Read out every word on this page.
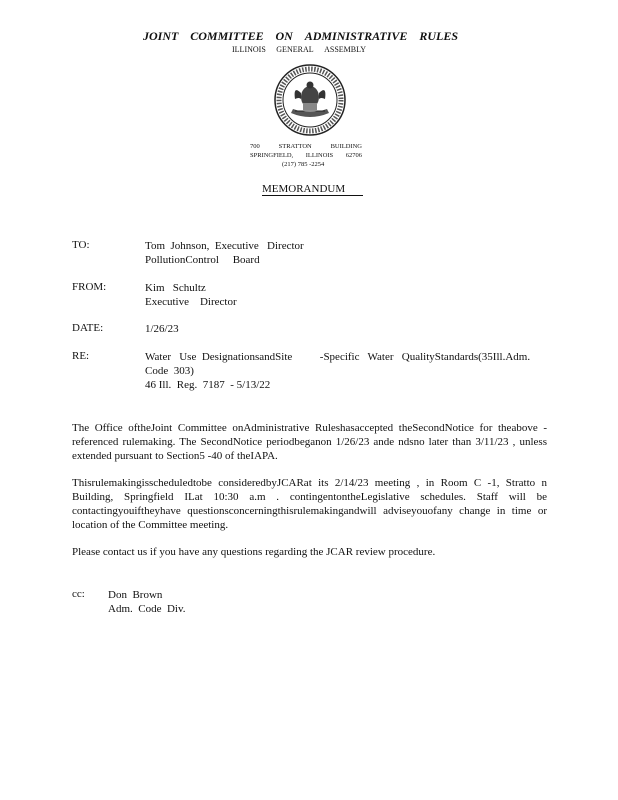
JOINT COMMITTEE ON ADMINISTRATIVE RULES
ILLINOIS GENERAL ASSEMBLY
700	STRATTON	BUILDING
SPRINGFIELD, ILLINOIS 62706
(217) 785 -2254
MEMORANDUM
TO:	Tom  Johnson,  Executive   Director
PollutionControl     Board
FROM:	Kim   Schultz
Executive    Director
DATE:	1/26/23
RE:	Water   Use  DesignationsandSite          -Specific   Water   QualityStandards(35Ill.Adm.
Code  303)
46 Ill.  Reg.  7187  - 5/13/22
The Office oftheJoint Committee onAdministrative Ruleshasaccepted theSecondNotice for theabove -referenced rulemaking. The SecondNotice periodbeganon 1/26/23 ande ndsno later than 3/11/23 , unless extended pursuant to Section5 -40 of theIAPA.
Thisrulemakingisscheduledtobe consideredbyJCARat its 2/14/23 meeting , in Room C -1, Stratto n Building, Springfield ILat 10:30 a.m . contingentontheLegislative schedules. Staff will be contactingyouiftheyhave questionsconcerningthisrulemakingandwill adviseyouofany change in time or location of the Committee meeting.
Please contact us if you have any questions regarding the JCAR review procedure.
cc: Don  Brown
Adm.  Code  Div.
